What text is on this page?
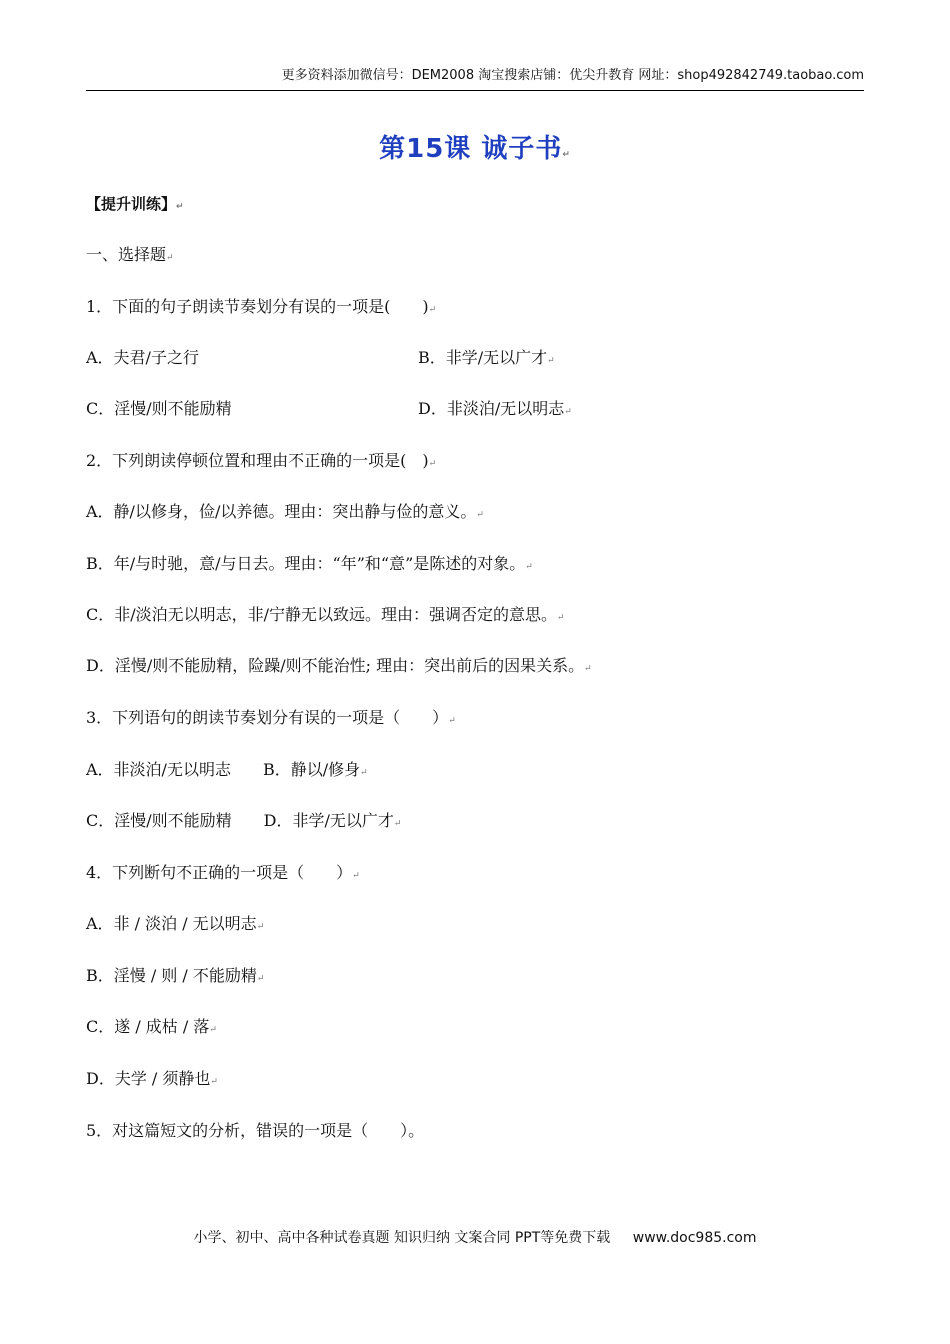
更多资料添加微信号：DEM2008 淘宝搜索店铺：优尖升教育 网址：shop492842749.taobao.com
第15课 诚子书↵
【提升训练】↵
一、选择题↵
1．下面的句子朗读节奏划分有误的一项是(　　)↵
A．夫君/子之行	B．非学/无以广才↵
C．淫慢/则不能励精	D．非淡泊/无以明志↵
2．下列朗读停顿位置和理由不正确的一项是(　)↵
A．静/以修身，俭/以养德。理由：突出静与俭的意义。↵
B．年/与时驰，意/与日去。理由：“年”和“意”是陈述的对象。↵
C．非/淡泊无以明志，非/宁静无以致远。理由：强调否定的意思。↵
D．淫慢/则不能励精，险躁/则不能治性; 理由：突出前后的因果关系。↵
3．下列语句的朗读节奏划分有误的一项是（　　）↵
A．非淡泊/无以明志　　B．静以/修身↵
C．淫慢/则不能励精　　D．非学/无以广才↵
4．下列断句不正确的一项是（　　）↵
A．非 / 淡泊 / 无以明志↵
B．淫慢 / 则 / 不能励精↵
C．遂 / 成枯 / 落↵
D．夫学 / 须静也↵
5．对这篇短文的分析，错误的一项是（　　）。
小学、初中、高中各种试卷真题 知识归纳 文案合同 PPT等免费下载 www.doc985.com
